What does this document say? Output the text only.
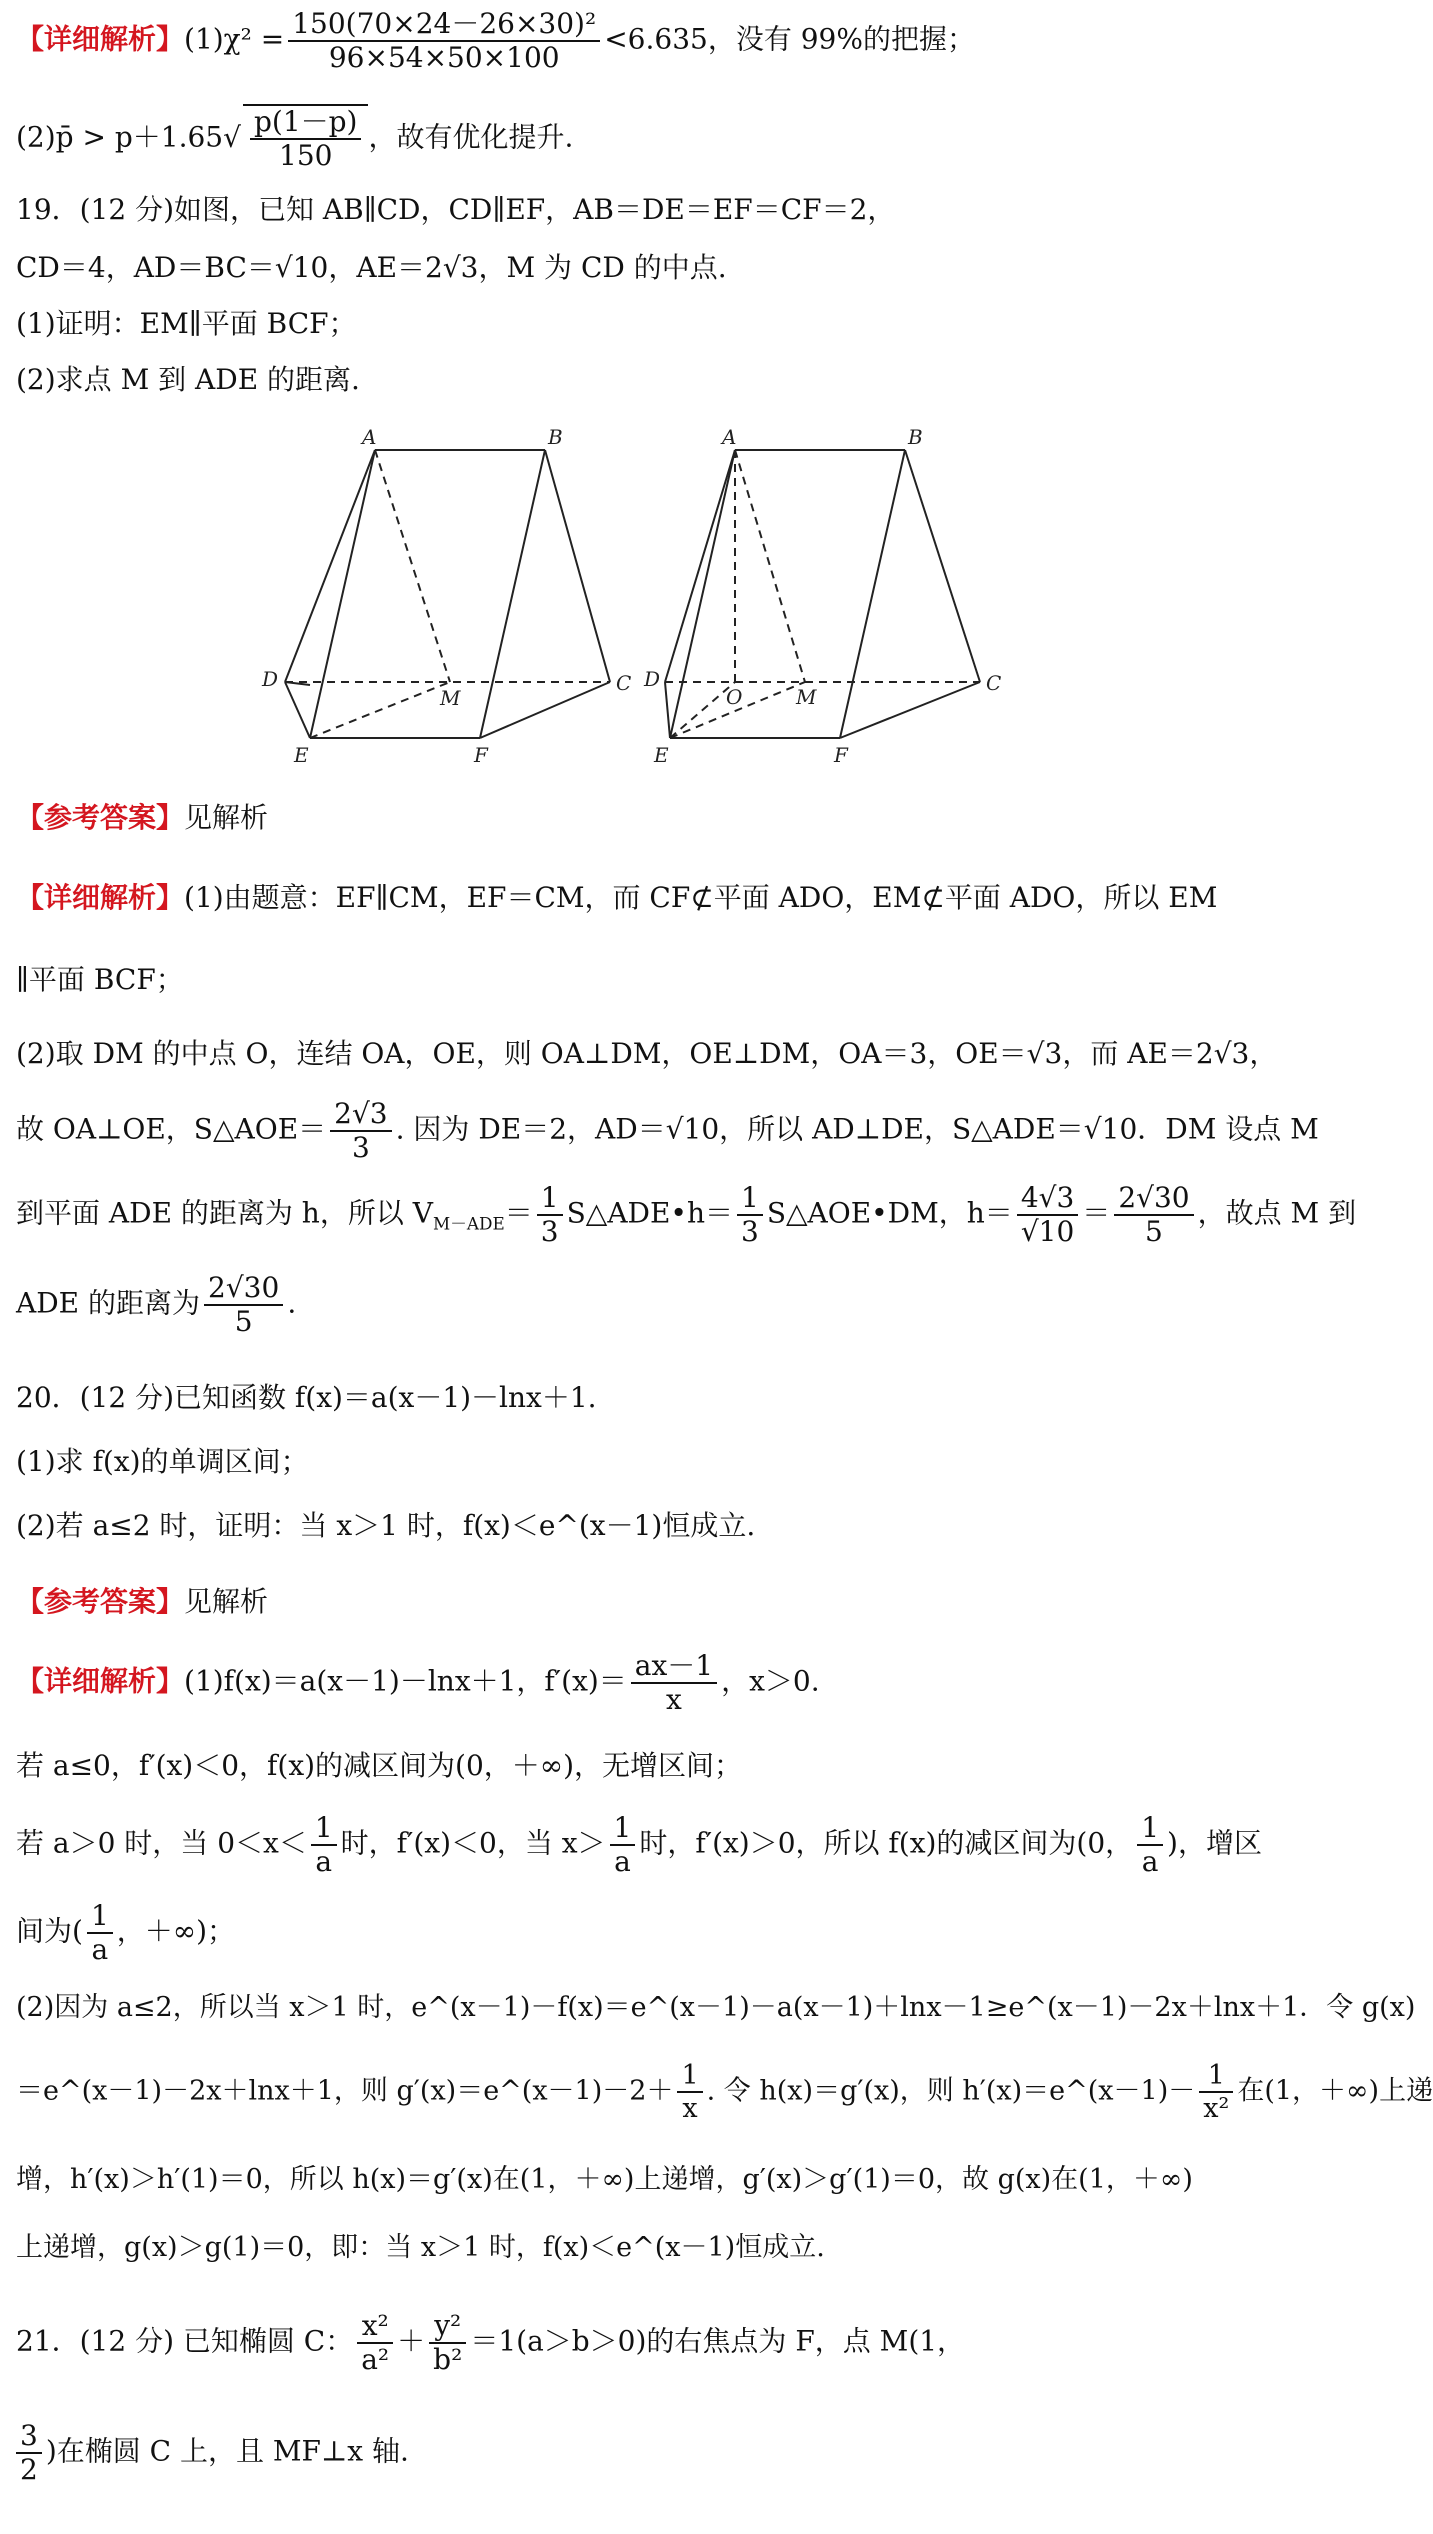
【详细解析】$(1)\chi^2 = \frac{\text{150(70×24－26×30)²}}{96\times 54\times 50\times 100} <6.635$，没有 99%的把握；
(2)p̄ > $p+1.65√ \frac{p(1-p)}{150}$ ，故有优化提升.
19．(12 分)如图，已知 AB∥CD，CD∥EF，AB＝DE＝EF＝CF＝2，
CD＝4，AD＝BC＝√10，AE＝2√3，M 为 CD 的中点.
(1)证明：EM∥平面 BCF；
(2)求点 M 到 ADE 的距离.
A	B
D
M
C
E	F
A	B
D
O	M
C
E	F
【参考答案】见解析
【详细解析】(1)由题意：EF∥CM，EF＝CM，而 CF⊄平面 ADO，EM⊄平面 ADO，所以 EM
∥平面 BCF；
(2)取 DM 的中点 O，连结 OA，OE，则 OA⊥DM，OE⊥DM，OA＝3，OE＝√3，而 AE＝2√3，
故 OA⊥OE，S△AOE＝ $\frac{2√3}{3}$ . 因为 DE＝2，AD＝√10，所以 AD⊥DE，S△ADE＝√10．DM 设点 M
到平面 ADE 的距离为 h，所以 $V_{M-ADE}= \frac{1}{3}$ S△ADE•h＝ $\frac{1}{3}$ S△AOE•DM，$h= \frac{4√3}{√10} = \frac{2√30}{5}$ ，故点 M 到
ADE 的距离为 $\frac{2√30}{5}$ .
20．(12 分)已知函数 f(x)＝a(x－1)－lnx＋1.
(1)求 f(x)的单调区间；
(2)若 a≤2 时，证明：当 x＞1 时，f(x)＜e^(x－1)恒成立.
【参考答案】见解析
【详细解析】(1)f(x)＝a(x－1)－lnx＋1，$f'(x)= \frac{ax-1}{x}$ ，x＞0.
若 a≤0，f′(x)＜0，f(x)的减区间为(0，＋∞)，无增区间；
若 a＞0 时，当 $0<x< \frac{1}{a}$ 时，f′(x)＜0，当 $x> \frac{1}{a}$ 时，f′(x)＞0，所以 f(x)的减区间为(0， $\frac{1}{a}$ )，增区
间为( $\frac{1}{a}$ ，＋∞)；
(2)因为 a≤2，所以当 x＞1 时，e^(x－1)－f(x)＝e^(x－1)－a(x－1)＋lnx－1≥e^(x－1)－2x＋lnx＋1．令 g(x)
＝e^(x－1)－2x＋lnx＋1，则 g′(x)＝e^(x－1)－2＋ $\frac{1}{x}$ . 令 h(x)＝g′(x)，则 h′(x)＝e^(x－1)－ $\frac{1}{\text{x²}}$ 在(1，＋∞)上递
增，h′(x)＞h′(1)＝0，所以 h(x)＝g′(x)在(1，＋∞)上递增，g′(x)＞g′(1)＝0，故 g(x)在(1，＋∞)
上递增，g(x)＞g(1)＝0，即：当 x＞1 时，f(x)＜e^(x－1)恒成立.
21．(12 分) 已知椭圆 C： $\frac{\text{x²}}{\text{a²}} + \frac{\text{y²}}{\text{b²}} =1(a>b>0)$的右焦点为 F，点 M(1，
$\frac{3}{2}$ )在椭圆 C 上，且 MF⊥x 轴.
